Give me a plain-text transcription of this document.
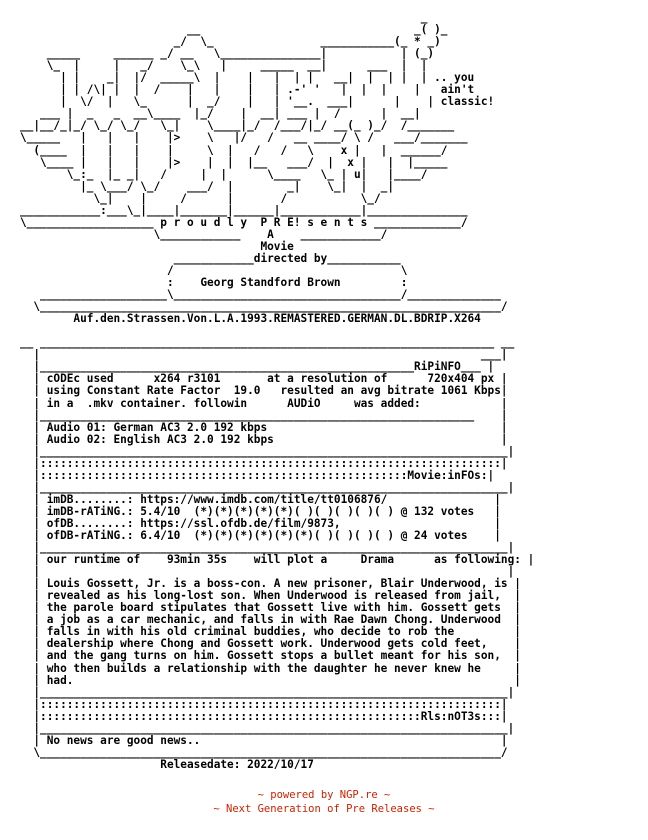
_
__                                _( )_
_/  \_                ___________(_ * _)
_____     ______ _/ __   \_______________|           | (_)
\_  |     |   _/    \_\   |     _____  __|      ___  |  |
| |    _|  |/  _____\  |    |   |  | |   __|  |  | |  | .. you
| | /\| |  |  /    |   |    |   | .-' '   |  |  |    |   ain't
|  \/  |   \_      |  _/    |   | '__.  ___|      |    | classic!
___ |  _   _  __\____  |_/    |  __| ___ |  /      |  __|
__|__/_|_/ \_/ \_/   \_|    \____|_/  /___/|_/ __(_ )_/  /_______
\_____   |   |   |    |>    \   |/   /   __ ____/ \ /   ___/_______
(____  |   |   |    |     \  |   /   /   \    x |   |  ______/
\____ |   |   |    |>    |  |  |__   ___/  |  x |   |  |_____
\_:_  |_ _|   /     |  |      \____   \_ | u|   |____/
|_ \___/ \_/    ___/  |        _|    \_|  |  _|
\_|    |     /      |       /           \_/
____________:___\_|____|_______|______|____________|_______________
\___________________ p r o u d l y  P R E! s e n t s _____________/
\____________    A    ____________/
Movie
____________directed by___________
/                                  \
:    Georg Standford Brown         :
___________________\__________________________________/______________
\_____________________________________________________________________/
Auf.den.Strassen.Von.L.A.1993.REMASTERED.GERMAN.DL.BDRIP.X264

__ ____________________________________________________________________ __
|                                                                  ___|
|________________________________________________________RiPiNFO___ |
| cODEc used      x264 r3101       at a resolution of      720x404 px |
| using Constant Rate Factor  19.0   resulted an avg bitrate 1061 Kbps|
| in a  .mkv container. followin      AUDiO     was added:            |
|_________________________________________________________________    |
| Audio 01: German AC3 2.0 192 kbps                                   |
| Audio 02: English AC3 2.0 192 kbps                                  |
|______________________________________________________________________|
|:::::::::::::::::::::::::::::::::::::::::::::::::::::::::::::::::::::|
|:::::::::::::::::::::::::::::::::::::::::::::::::::::::Movie:inFOs:|
|______________________________________________________________________|
| imDB........: https://www.imdb.com/title/tt0106876/                |
| imDB-rATiNG.: 5.4/10  (*)(*)(*)(*)(*)( )( )( )( )( ) @ 132 votes   |
| ofDB........: https://ssl.ofdb.de/film/9873,                       |
| ofDB-rATiNG.: 6.4/10  (*)(*)(*)(*)(*)(*)( )( )( )( ) @ 24 votes    |
|______________________________________________________________________|
| our runtime of    93min 35s    will plot a     Drama      as following: |
|                                                                      |
| Louis Gossett, Jr. is a boss-con. A new prisoner, Blair Underwood, is |
| revealed as his long-lost son. When Underwood is released from jail,  |
| the parole board stipulates that Gossett live with him. Gossett gets  |
| a job as a car mechanic, and falls in with Rae Dawn Chong. Underwood  |
| falls in with his old criminal buddies, who decide to rob the         |
| dealership where Chong and Gossett work. Underwood gets cold feet,    |
| and the gang turns on him. Gossett stops a bullet meant for his son,  |
| who then builds a relationship with the daughter he never knew he     |
| had.                                                                  |
|______________________________________________________________________|
|:::::::::::::::::::::::::::::::::::::::::::::::::::::::::::::::::::::|
|:::::::::::::::::::::::::::::::::::::::::::::::::::::::::Rls:nOT3s:::|
|______________________________________________________________________|
| No news are good news..                                             |
\_____________________________________________________________________/
Releasedate: 2022/10/17

~ powered by NGP.re ~
~ Next Generation of Pre Releases ~
